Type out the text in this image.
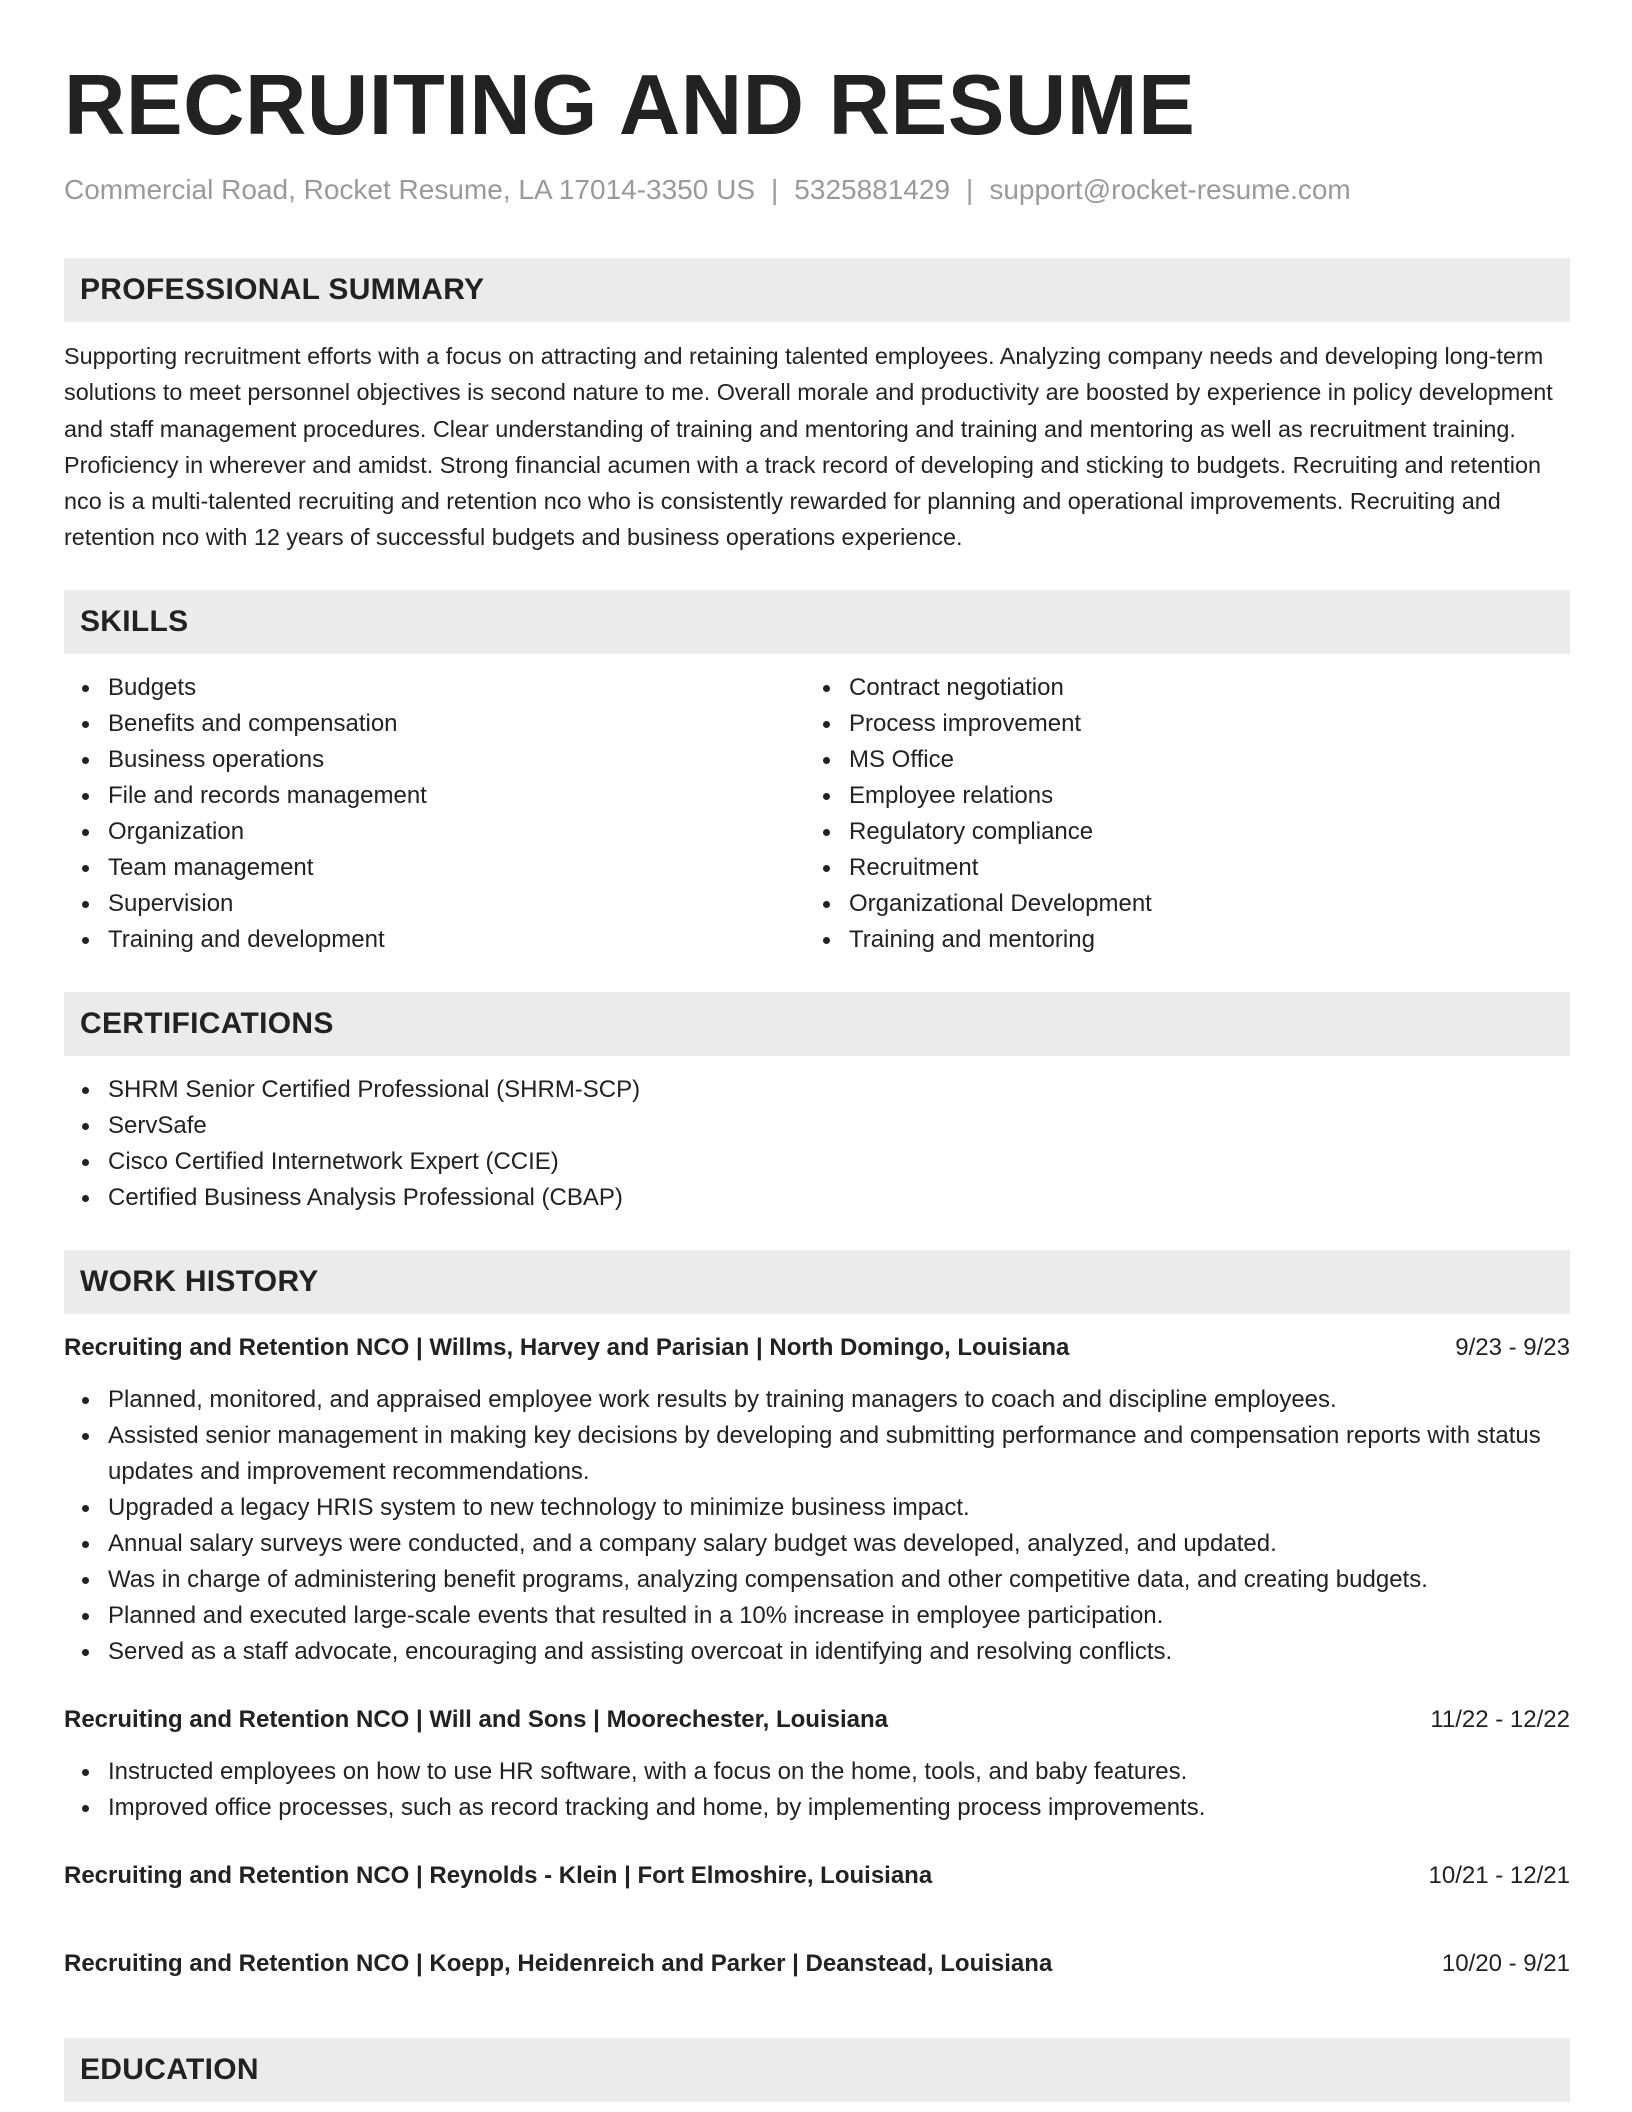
RECRUITING AND RESUME
Commercial Road, Rocket Resume, LA 17014-3350 US | 5325881429 | support@rocket-resume.com
PROFESSIONAL SUMMARY

Supporting recruitment efforts with a focus on attracting and retaining talented employees. Analyzing company needs and developing long-term solutions to meet personnel objectives is second nature to me. Overall morale and productivity are boosted by experience in policy development and staff management procedures. Clear understanding of training and mentoring and training and mentoring as well as recruitment training. Proficiency in wherever and amidst. Strong financial acumen with a track record of developing and sticking to budgets. Recruiting and retention nco is a multi-talented recruiting and retention nco who is consistently rewarded for planning and operational improvements. Recruiting and retention nco with 12 years of successful budgets and business operations experience.

SKILLS
Budgets
Benefits and compensation
Business operations
File and records management
Organization
Team management
Supervision
Training and development
Contract negotiation
Process improvement
MS Office
Employee relations
Regulatory compliance
Recruitment
Organizational Development
Training and mentoring
CERTIFICATIONS
SHRM Senior Certified Professional (SHRM-SCP)
ServSafe
Cisco Certified Internetwork Expert (CCIE)
Certified Business Analysis Professional (CBAP)
WORK HISTORY
Recruiting and Retention NCO | Willms, Harvey and Parisian | North Domingo, Louisiana	9/23 - 9/23
Planned, monitored, and appraised employee work results by training managers to coach and discipline employees.
Assisted senior management in making key decisions by developing and submitting performance and compensation reports with status updates and improvement recommendations.
Upgraded a legacy HRIS system to new technology to minimize business impact.
Annual salary surveys were conducted, and a company salary budget was developed, analyzed, and updated.
Was in charge of administering benefit programs, analyzing compensation and other competitive data, and creating budgets.
Planned and executed large-scale events that resulted in a 10% increase in employee participation.
Served as a staff advocate, encouraging and assisting overcoat in identifying and resolving conflicts.
Recruiting and Retention NCO | Will and Sons | Moorechester, Louisiana	11/22 - 12/22
Instructed employees on how to use HR software, with a focus on the home, tools, and baby features.
Improved office processes, such as record tracking and home, by implementing process improvements.
Recruiting and Retention NCO | Reynolds - Klein | Fort Elmoshire, Louisiana	10/21 - 12/21
Recruiting and Retention NCO | Koepp, Heidenreich and Parker | Deanstead, Louisiana	10/20 - 9/21
EDUCATION
